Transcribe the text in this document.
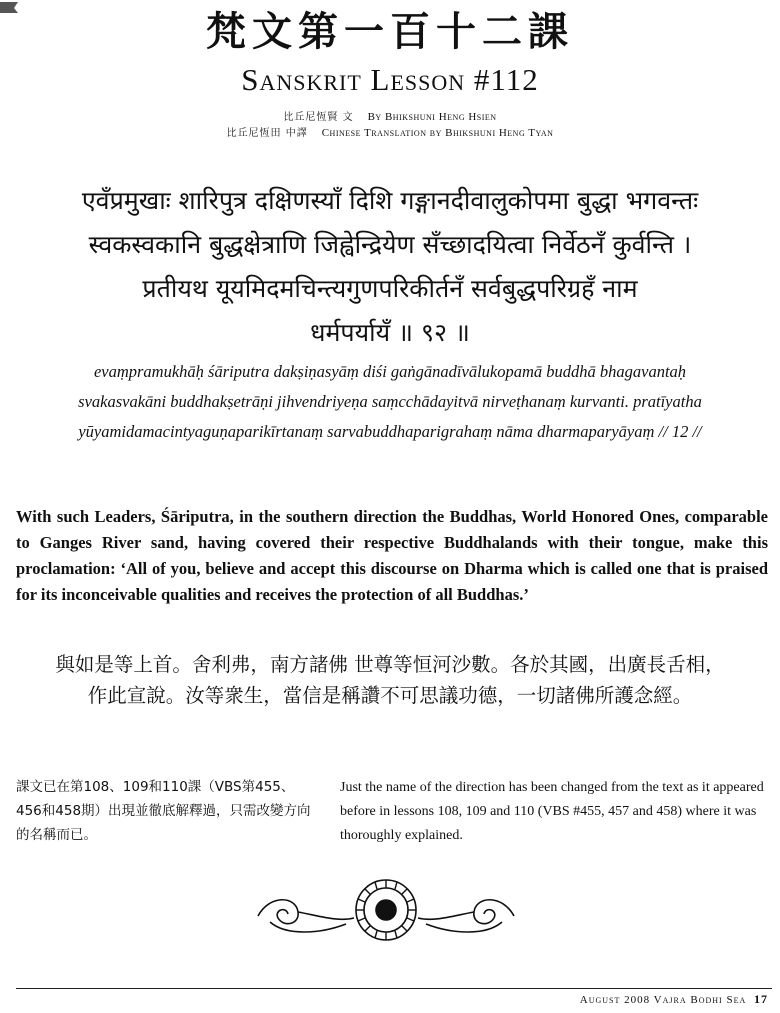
梵文第一百十二課
Sanskrit Lesson #112
比丘尼恆賢 文 By Bhikshuni Heng Hsien
比丘尼恆田 中譯 Chinese Translation by Bhikshuni Heng Tyan
एवँप्रमुखाः शारिपुत्र दक्षिणस्याँ दिशि गङ्गानदीवालुकोपमा बुद्धा भगवन्तः
स्वकस्वकानि बुद्धक्षेत्राणि जिह्वेन्द्रियेण सँच्छादयित्वा निर्वेठनँ कुर्वन्ति ।
प्रतीयथ यूयमिदमचिन्त्यगुणपरिकीर्तनँ सर्वबुद्धपरिग्रहँ नाम
धर्मपर्यायँ ॥ ९२ ॥
evaṃpramukhāḥ śāriputra dakṣiṇasyāṃ diśi gaṅgānadīvālukopamā buddhā bhagavantaḥ
svakasvakāni buddhakṣetrāṇi jihvendriyeṇa saṃcchādayitvā nirveṭhanaṃ kurvanti. pratīyatha
yūyamidamacintyaguṇaparikīrtanaṃ sarvabuddhaparigrahaṃ nāma dharmaparyāyaṃ // 12 //
With such Leaders, Śāriputra, in the southern direction the Buddhas, World Honored Ones, comparable to Ganges River sand, having covered their respective Buddhalands with their tongue, make this proclamation: ‘All of you, believe and accept this discourse on Dharma which is called one that is praised for its inconceivable qualities and receives the protection of all Buddhas.’
與如是等上首。舍利弗，南方諸佛 世尊等恒河沙數。各於其國，出廣長舌相，
作此宣說。汝等衆生，當信是稱讚不可思議功德，一切諸佛所護念經。
課文已在第108、109和110課（VBS第455、456和458期）出現並徹底解釋過，只需改變方向的名稱而已。
Just the name of the direction has been changed from the text as it appeared before in lessons 108, 109 and 110 (VBS #455, 457 and 458) where it was thoroughly explained.
August 2008 Vajra Bodhi Sea 17
